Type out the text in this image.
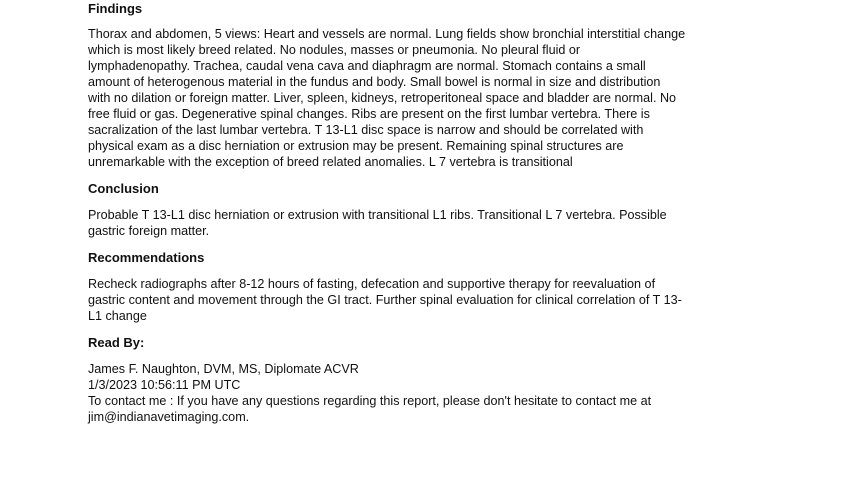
Findings

Thorax and abdomen, 5 views: Heart and vessels are normal. Lung fields show bronchial interstitial change
which is most likely breed related. No nodules, masses or pneumonia. No pleural fluid or
lymphadenopathy. Trachea, caudal vena cava and diaphragm are normal. Stomach contains a small
amount of heterogenous material in the fundus and body. Small bowel is normal in size and distribution
with no dilation or foreign matter. Liver, spleen, kidneys, retroperitoneal space and bladder are normal. No
free fluid or gas. Degenerative spinal changes. Ribs are present on the first lumbar vertebra. There is
sacralization of the last lumbar vertebra. T 13-L1 disc space is narrow and should be correlated with
physical exam as a disc herniation or extrusion may be present. Remaining spinal structures are
unremarkable with the exception of breed related anomalies. L 7 vertebra is transitional

Conclusion

Probable T 13-L1 disc herniation or extrusion with transitional L1 ribs. Transitional L 7 vertebra. Possible
gastric foreign matter.

Recommendations

Recheck radiographs after 8-12 hours of fasting, defecation and supportive therapy for reevaluation of
gastric content and movement through the GI tract. Further spinal evaluation for clinical correlation of T 13-
L1 change

Read By:

James F. Naughton, DVM, MS, Diplomate ACVR
1/3/2023 10:56:11 PM UTC
To contact me : If you have any questions regarding this report, please don't hesitate to contact me at
jim@indianavetimaging.com.
